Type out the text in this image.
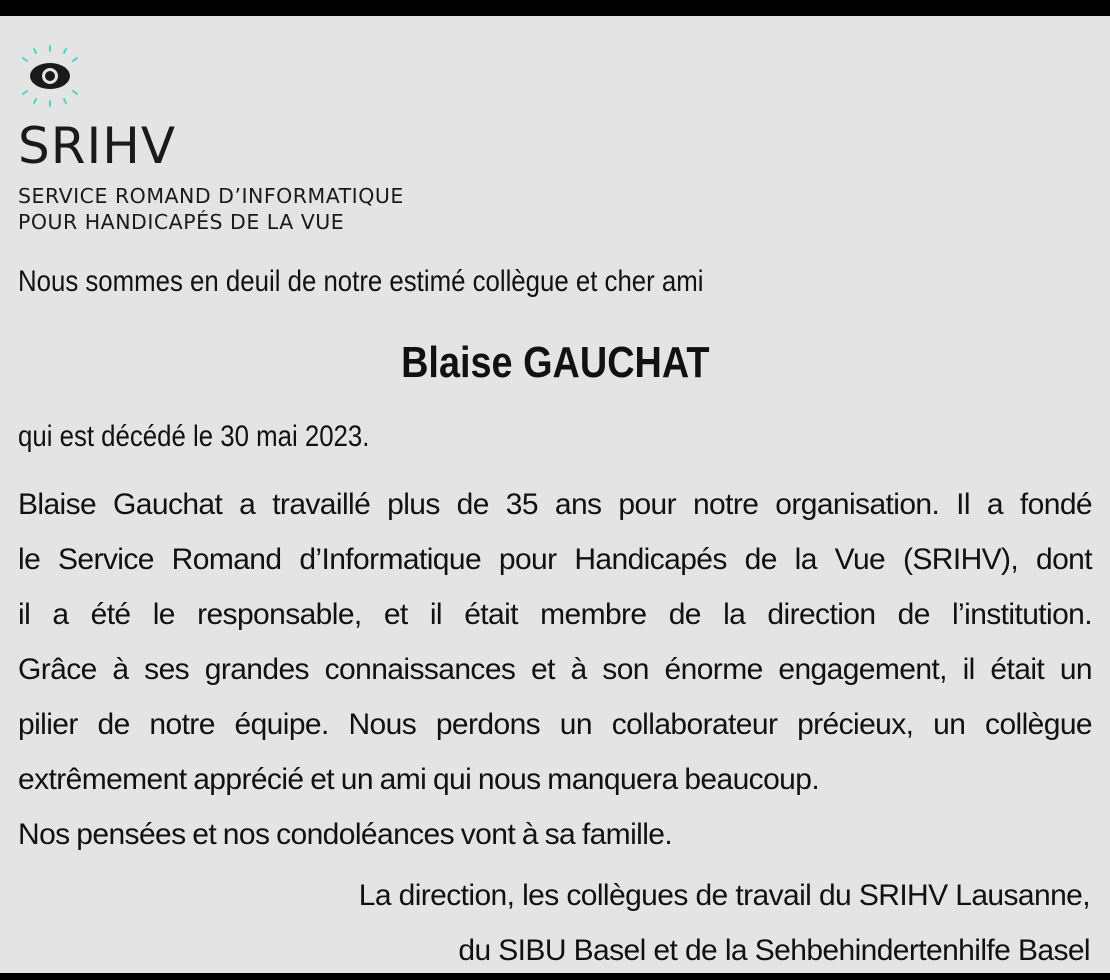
SRIHV

SERVICE ROMAND D’INFORMATIQUE

POUR HANDICAPÉS DE LA VUE

Nous sommes en deuil de notre estimé collègue et cher ami

Blaise GAUCHAT

qui est décédé le 30 mai 2023.

Blaise Gauchat a travaillé plus de 35 ans pour notre organisation. Il a fondé
le Service Romand d’Informatique pour Handicapés de la Vue (SRIHV), dont
il a été le responsable, et il était membre de la direction de l’institution.
Grâce à ses grandes connaissances et à son énorme engagement, il était un
pilier de notre équipe. Nous perdons un collaborateur précieux, un collègue
extrêmement apprécié et un ami qui nous manquera beaucoup.
Nos pensées et nos condoléances vont à sa famille.
La direction, les collègues de travail du SRIHV Lausanne,
du SIBU Basel et de la Sehbehindertenhilfe Basel
